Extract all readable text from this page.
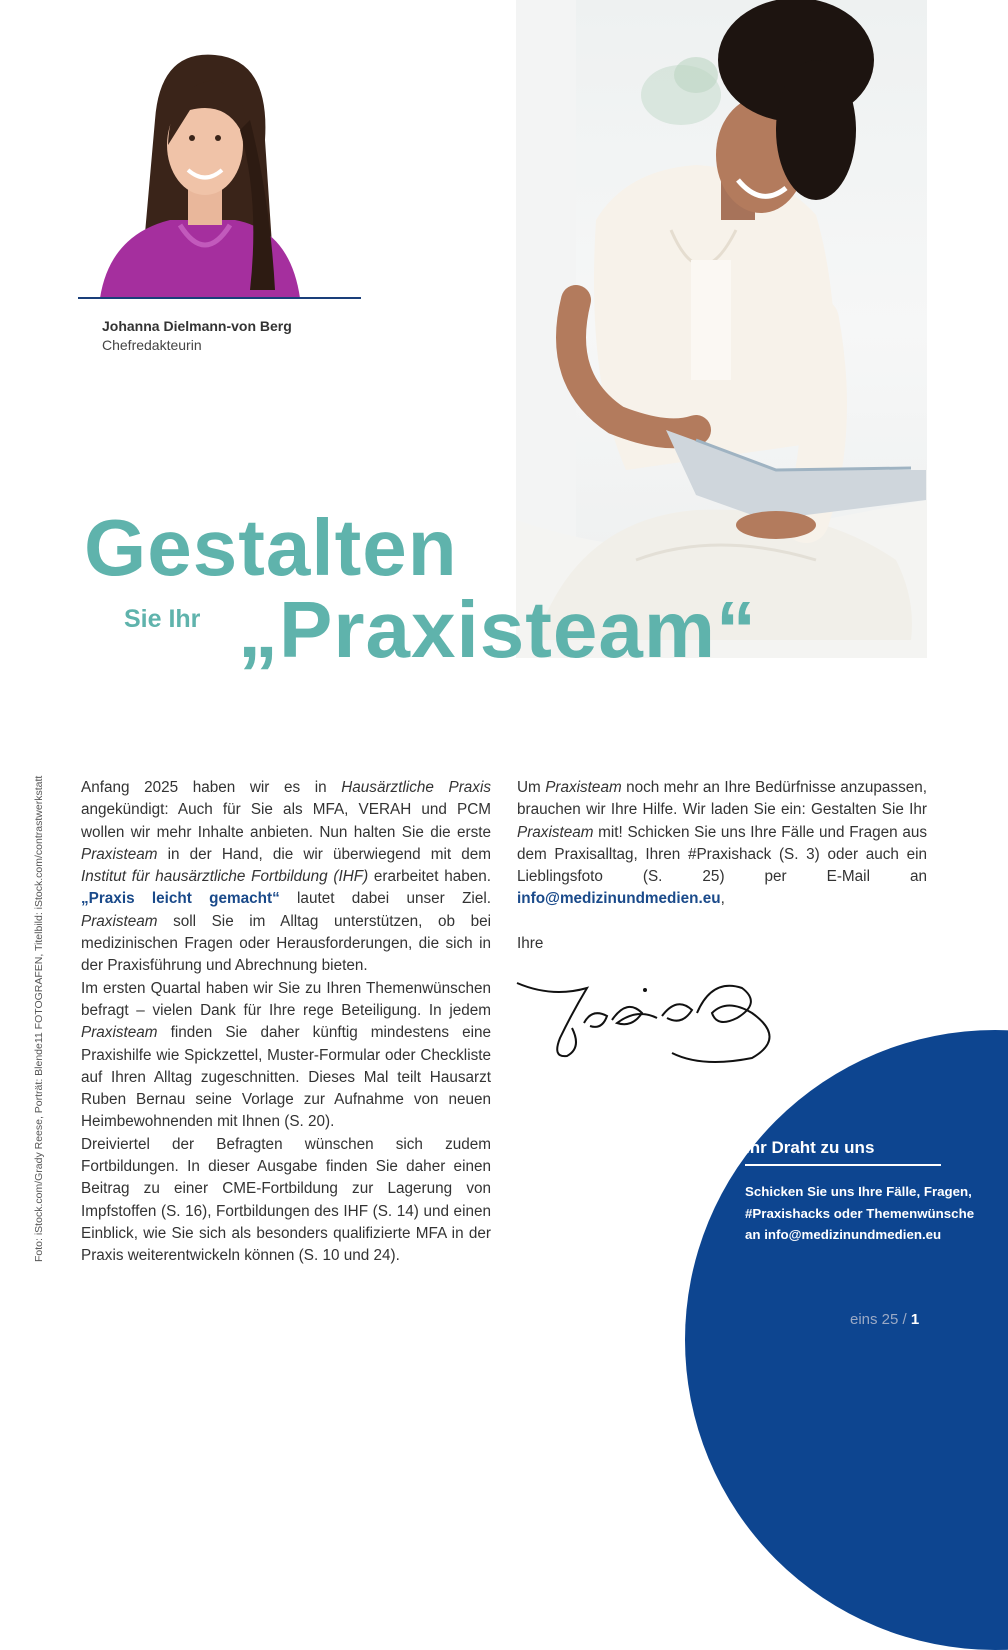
Johanna Dielmann-von Berg
Chefredakteurin
Gestalten
Sie Ihr „Praxisteam“
Foto: iStock.com/Grady Reese, Porträt: Blende11 FOTOGRAFEN, Titelbild: iStock.com/contrastwerkstatt Anfang 2025 haben wir es in Hausärztliche Praxis angekündigt: Auch für Sie als MFA, VERAH und PCM wollen wir mehr Inhalte anbieten. Nun halten Sie die erste Praxisteam in der Hand, die wir überwiegend mit dem Institut für hausärztliche Fortbildung (IHF) erarbeitet haben. „Praxis leicht gemacht“ lautet dabei unser Ziel. Praxisteam soll Sie im Alltag unterstützen, ob bei medizinischen Fragen oder Herausforderungen, die sich in der Praxisführung und Abrechnung bieten.

Im ersten Quartal haben wir Sie zu Ihren Themenwünschen befragt – vielen Dank für Ihre rege Beteiligung. In jedem Praxisteam finden Sie daher künftig mindestens eine Praxishilfe wie Spickzettel, Muster-Formular oder Checkliste auf Ihren Alltag zugeschnitten. Dieses Mal teilt Hausarzt Ruben Bernau seine Vorlage zur Aufnahme von neuen Heimbewohnenden mit Ihnen (S. 20).

Dreiviertel der Befragten wünschen sich zudem Fortbildungen. In dieser Ausgabe finden Sie daher einen Beitrag zu einer CME-Fortbildung zur Lagerung von Impfstoffen (S. 16), Fortbildungen des IHF (S. 14) und einen Einblick, wie Sie sich als besonders qualifizierte MFA in der Praxis weiterentwickeln können (S. 10 und 24).

Um Praxisteam noch mehr an Ihre Bedürfnisse anzupassen, brauchen wir Ihre Hilfe. Wir laden Sie ein: Gestalten Sie Ihr Praxisteam mit! Schicken Sie uns Ihre Fälle und Fragen aus dem Praxisalltag, Ihren #Praxishack (S. 3) oder auch ein Lieblingsfoto (S. 25) per E-Mail an info@medizinundmedien.eu,

Ihre

Ihr Draht zu uns
Schicken Sie uns Ihre Fälle, Fragen, #Praxishacks oder Themenwünsche an info@medizinundmedien.eu
eins 25 / 1
